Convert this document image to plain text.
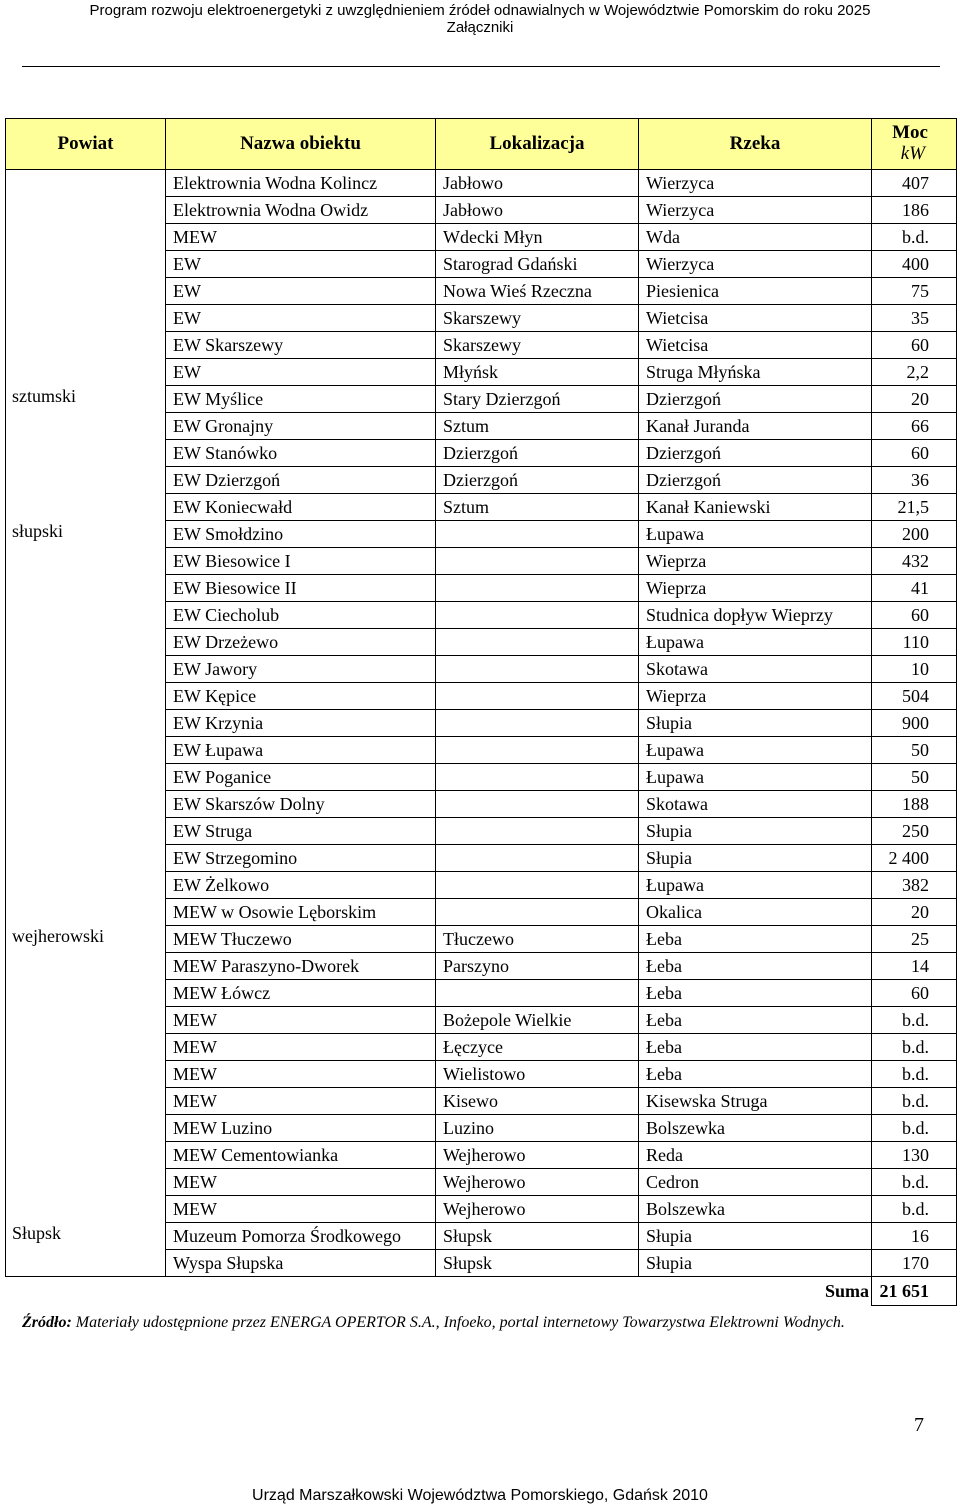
Program rozwoju elektroenergetyki z uwzględnieniem źródeł odnawialnych w Województwie Pomorskim do roku 2025
Załączniki
Powiat	Nazwa obiektu	Lokalizacja	Rzeka	Moc
kW

	Elektrownia Wodna Kolincz	Jabłowo	Wierzyca	407
	Elektrownia Wodna Owidz	Jabłowo	Wierzyca	186
	MEW	Wdecki Młyn	Wda	b.d.
	EW	Starograd Gdański	Wierzyca	400
	EW	Nowa Wieś Rzeczna	Piesienica	75
	EW	Skarszewy	Wietcisa	35
	EW Skarszewy	Skarszewy	Wietcisa	60
	EW	Młyńsk	Struga Młyńska	2,2
sztumski	EW Myślice	Stary Dzierzgoń	Dzierzgoń	20
	EW Gronajny	Sztum	Kanał Juranda	66
	EW Stanówko	Dzierzgoń	Dzierzgoń	60
	EW Dzierzgoń	Dzierzgoń	Dzierzgoń	36
	EW Koniecwałd	Sztum	Kanał Kaniewski	21,5
słupski	EW Smołdzino		Łupawa	200
	EW Biesowice I		Wieprza	432
	EW Biesowice II		Wieprza	41
	EW Ciecholub		Studnica dopływ Wieprzy	60
	EW Drzeżewo		Łupawa	110
	EW Jawory		Skotawa	10
	EW Kępice		Wieprza	504
	EW Krzynia		Słupia	900
	EW Łupawa		Łupawa	50
	EW Poganice		Łupawa	50
	EW Skarszów Dolny		Skotawa	188
	EW Struga		Słupia	250
	EW Strzegomino		Słupia	2 400
	EW Żelkowo		Łupawa	382
	MEW w Osowie Lęborskim		Okalica	20
wejherowski	MEW Tłuczewo	Tłuczewo	Łeba	25
	MEW Paraszyno-Dworek	Parszyno	Łeba	14
	MEW Łówcz		Łeba	60
	MEW	Bożepole Wielkie	Łeba	b.d.
	MEW	Łęczyce	Łeba	b.d.
	MEW	Wielistowo	Łeba	b.d.
	MEW	Kisewo	Kisewska Struga	b.d.
	MEW Luzino	Luzino	Bolszewka	b.d.
	MEW Cementowianka	Wejherowo	Reda	130
	MEW	Wejherowo	Cedron	b.d.
	MEW	Wejherowo	Bolszewka	b.d.
Słupsk	Muzeum Pomorza Środkowego	Słupsk	Słupia	16
	Wyspa Słupska	Słupsk	Słupia	170
Suma				21 651
Źródło: Materiały udostępnione przez ENERGA OPERTOR S.A., Infoeko, portal internetowy Towarzystwa Elektrowni Wodnych.
7
Urząd Marszałkowski Województwa Pomorskiego, Gdańsk 2010
